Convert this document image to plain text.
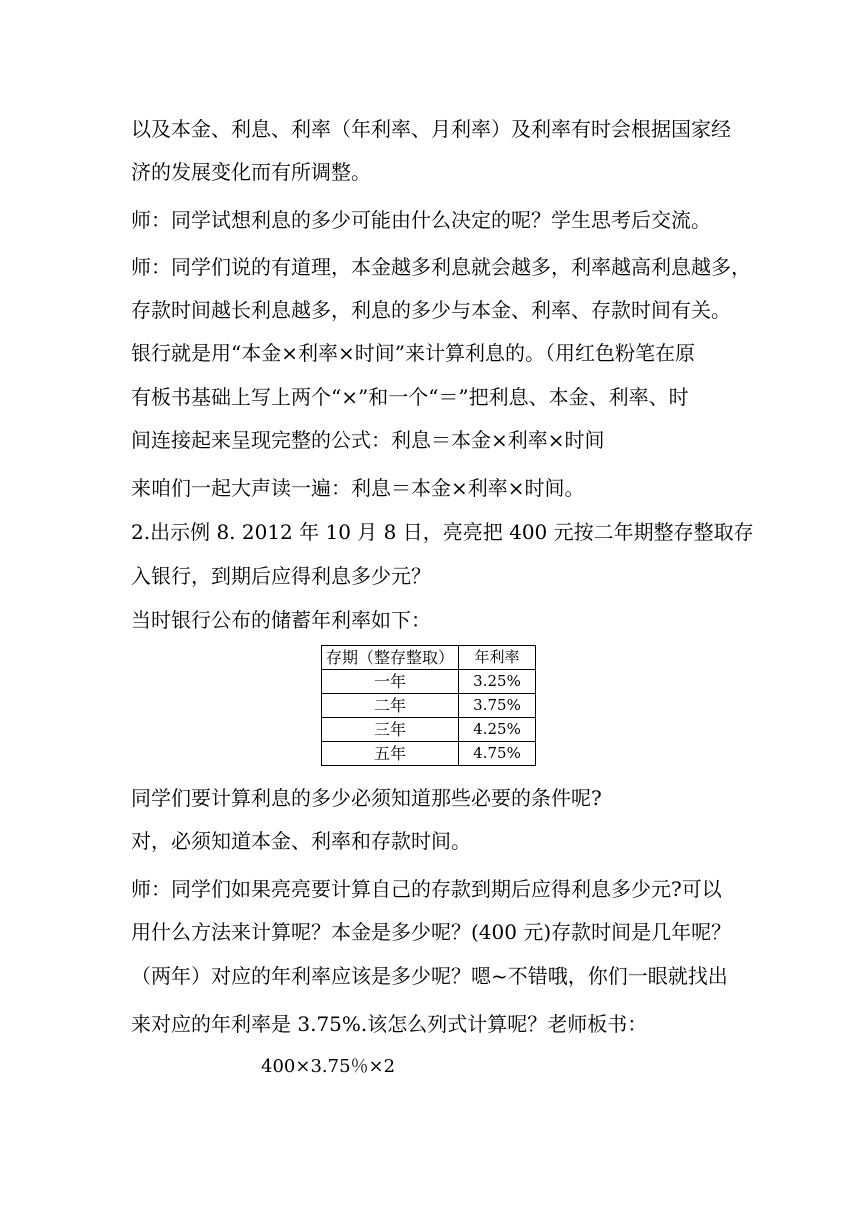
以及本金、利息、利率（年利率、月利率）及利率有时会根据国家经
济的发展变化而有所调整。
师：同学试想利息的多少可能由什么决定的呢？学生思考后交流。
师：同学们说的有道理，本金越多利息就会越多，利率越高利息越多，
存款时间越长利息越多，利息的多少与本金、利率、存款时间有关。
银行就是用“本金×利率×时间”来计算利息的。（用红色粉笔在原
有板书基础上写上两个“×”和一个“＝”把利息、本金、利率、时
间连接起来呈现完整的公式：利息＝本金×利率×时间
来咱们一起大声读一遍：利息＝本金×利率×时间。
2.出示例 8. 2012 年 10 月 8 日，亮亮把 400 元按二年期整存整取存
入银行，到期后应得利息多少元？
当时银行公布的储蓄年利率如下：
存期（整存整取）	年利率
一年	3.25%
二年	3.75%
三年	4.25%
五年	4.75%
同学们要计算利息的多少必须知道那些必要的条件呢?
对，必须知道本金、利率和存款时间。
师：同学们如果亮亮要计算自己的存款到期后应得利息多少元?可以
用什么方法来计算呢？本金是多少呢？(400 元)存款时间是几年呢？
（两年）对应的年利率应该是多少呢？嗯~不错哦，你们一眼就找出
来对应的年利率是 3.75%.该怎么列式计算呢？老师板书：
400×3.75％×2
